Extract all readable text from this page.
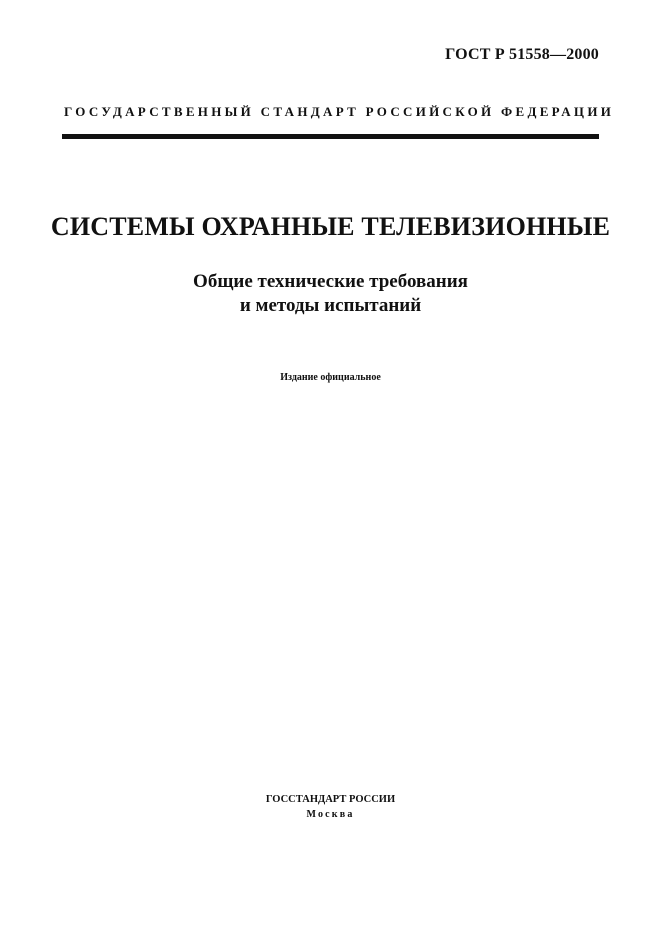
ГОСТ Р 51558—2000
ГОСУДАРСТВЕННЫЙ СТАНДАРТ РОССИЙСКОЙ ФЕДЕРАЦИИ
СИСТЕМЫ ОХРАННЫЕ ТЕЛЕВИЗИОННЫЕ
Общие технические требования
и методы испытаний
Издание официальное
ГОССТАНДАРТ РОССИИ
Москва
